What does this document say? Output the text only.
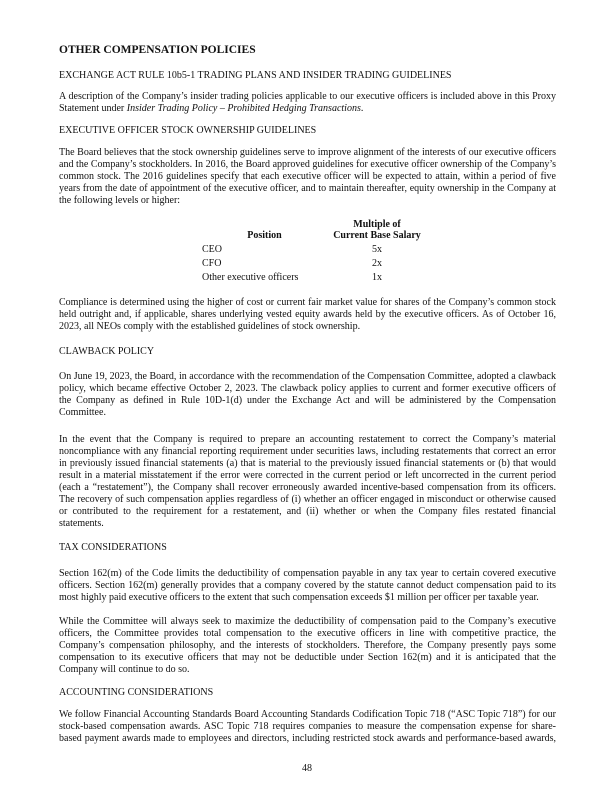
OTHER COMPENSATION POLICIES
EXCHANGE ACT RULE 10b5-1 TRADING PLANS AND INSIDER TRADING GUIDELINES
A description of the Company’s insider trading policies applicable to our executive officers is included above in this Proxy Statement under Insider Trading Policy – Prohibited Hedging Transactions.
EXECUTIVE OFFICER STOCK OWNERSHIP GUIDELINES
The Board believes that the stock ownership guidelines serve to improve alignment of the interests of our executive officers and the Company’s stockholders. In 2016, the Board approved guidelines for executive officer ownership of the Company’s common stock. The 2016 guidelines specify that each executive officer will be expected to attain, within a period of five years from the date of appointment of the executive officer, and to maintain thereafter, equity ownership in the Company at the following levels or higher:
Position	Multiple of
Current Base Salary
CEO	5x
CFO	2x
Other executive officers	1x
Compliance is determined using the higher of cost or current fair market value for shares of the Company’s common stock held outright and, if applicable, shares underlying vested equity awards held by the executive officers. As of October 16, 2023, all NEOs comply with the established guidelines of stock ownership.
CLAWBACK POLICY
On June 19, 2023, the Board, in accordance with the recommendation of the Compensation Committee, adopted a clawback policy, which became effective October 2, 2023. The clawback policy applies to current and former executive officers of the Company as defined in Rule 10D-1(d) under the Exchange Act and will be administered by the Compensation Committee.
In the event that the Company is required to prepare an accounting restatement to correct the Company’s material noncompliance with any financial reporting requirement under securities laws, including restatements that correct an error in previously issued financial statements (a) that is material to the previously issued financial statements or (b) that would result in a material misstatement if the error were corrected in the current period or left uncorrected in the current period (each a “restatement”), the Company shall recover erroneously awarded incentive-based compensation from its officers. The recovery of such compensation applies regardless of (i) whether an officer engaged in misconduct or otherwise caused or contributed to the requirement for a restatement, and (ii) whether or when the Company files restated financial statements.
TAX CONSIDERATIONS
Section 162(m) of the Code limits the deductibility of compensation payable in any tax year to certain covered executive officers. Section 162(m) generally provides that a company covered by the statute cannot deduct compensation paid to its most highly paid executive officers to the extent that such compensation exceeds $1 million per officer per taxable year.
While the Committee will always seek to maximize the deductibility of compensation paid to the Company’s executive officers, the Committee provides total compensation to the executive officers in line with competitive practice, the Company’s compensation philosophy, and the interests of stockholders. Therefore, the Company presently pays some compensation to its executive officers that may not be deductible under Section 162(m) and it is anticipated that the Company will continue to do so.
ACCOUNTING CONSIDERATIONS
We follow Financial Accounting Standards Board Accounting Standards Codification Topic 718 (“ASC Topic 718”) for our stock-based compensation awards. ASC Topic 718 requires companies to measure the compensation expense for share-based payment awards made to employees and directors, including restricted stock awards and performance-based awards,
48
